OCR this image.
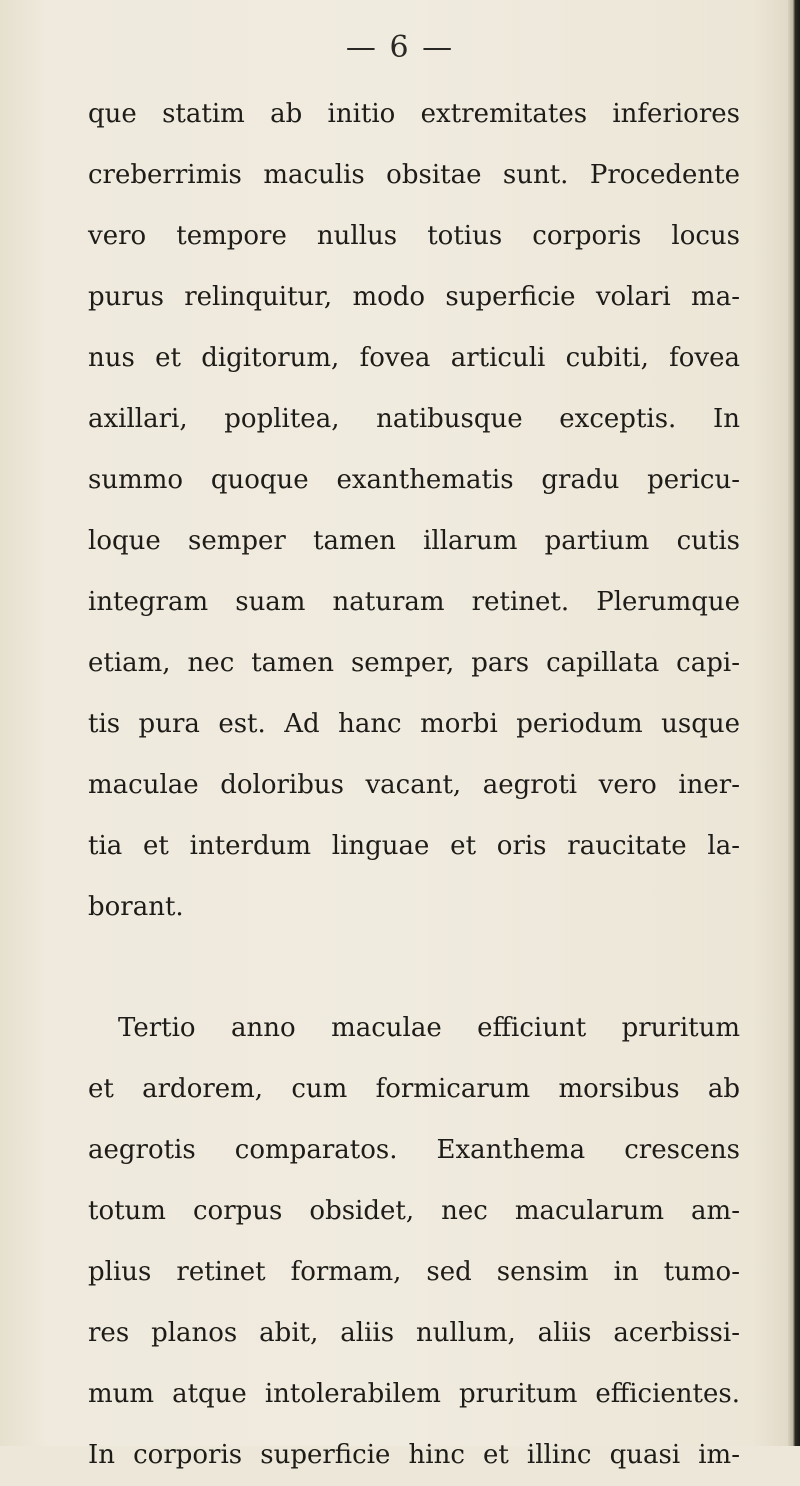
— 6 —
que statim ab initio extremitates inferiores
creberrimis maculis obsitae sunt. Procedente
vero tempore nullus totius corporis locus
purus relinquitur, modo superficie volari ma-
nus et digitorum, fovea articuli cubiti, fovea
axillari, poplitea, natibusque exceptis. In
summo quoque exanthematis gradu pericu-
loque semper tamen illarum partium cutis
integram suam naturam retinet. Plerumque
etiam, nec tamen semper, pars capillata capi-
tis pura est. Ad hanc morbi periodum usque
maculae doloribus vacant, aegroti vero iner-
tia et interdum linguae et oris raucitate la-
borant.
Tertio anno maculae efficiunt pruritum
et ardorem, cum formicarum morsibus ab
aegrotis comparatos. Exanthema crescens
totum corpus obsidet, nec macularum am-
plius retinet formam, sed sensim in tumo-
res planos abit, aliis nullum, aliis acerbissi-
mum atque intolerabilem pruritum efficientes.
In corporis superficie hinc et illinc quasi im-
